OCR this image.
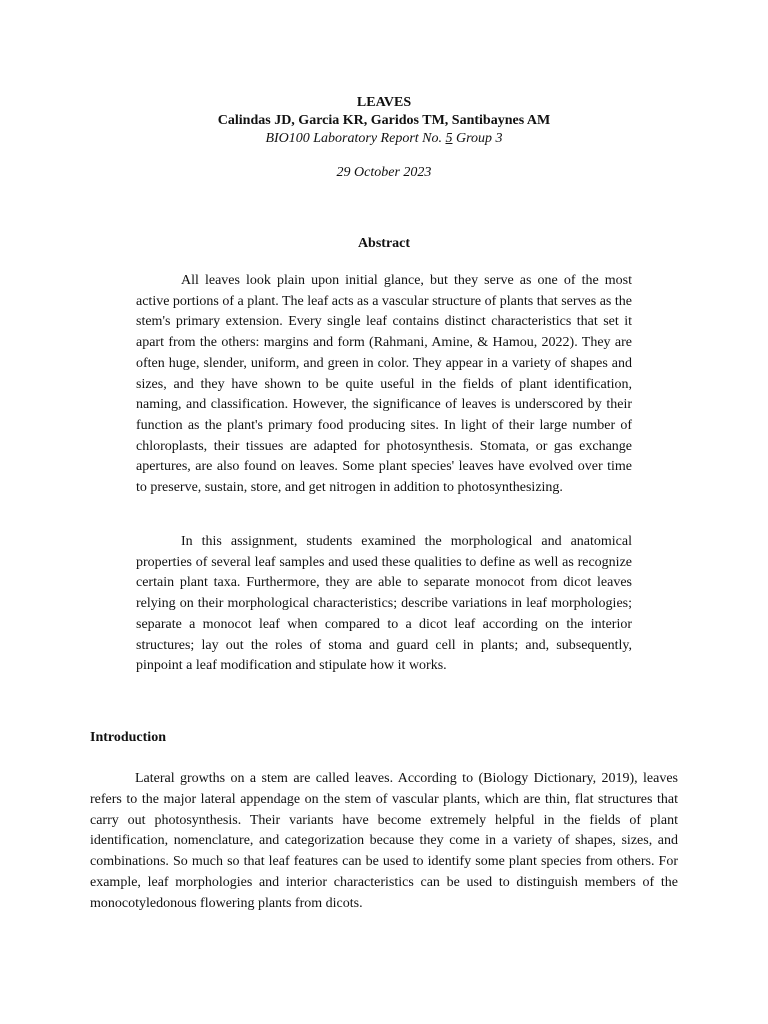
LEAVES
Calindas JD, Garcia KR, Garidos TM, Santibaynes AM
BIO100 Laboratory Report No. 5 Group 3
29 October 2023
Abstract

All leaves look plain upon initial glance, but they serve as one of the most active portions of a plant. The leaf acts as a vascular structure of plants that serves as the stem's primary extension. Every single leaf contains distinct characteristics that set it apart from the others: margins and form (Rahmani, Amine, & Hamou, 2022). They are often huge, slender, uniform, and green in color. They appear in a variety of shapes and sizes, and they have shown to be quite useful in the fields of plant identification, naming, and classification. However, the significance of leaves is underscored by their function as the plant's primary food producing sites. In light of their large number of chloroplasts, their tissues are adapted for photosynthesis. Stomata, or gas exchange apertures, are also found on leaves. Some plant species' leaves have evolved over time to preserve, sustain, store, and get nitrogen in addition to photosynthesizing.

In this assignment, students examined the morphological and anatomical properties of several leaf samples and used these qualities to define as well as recognize certain plant taxa. Furthermore, they are able to separate monocot from dicot leaves relying on their morphological characteristics; describe variations in leaf morphologies; separate a monocot leaf when compared to a dicot leaf according on the interior structures; lay out the roles of stoma and guard cell in plants; and, subsequently, pinpoint a leaf modification and stipulate how it works.

Introduction

Lateral growths on a stem are called leaves. According to (Biology Dictionary, 2019), leaves refers to the major lateral appendage on the stem of vascular plants, which are thin, flat structures that carry out photosynthesis. Their variants have become extremely helpful in the fields of plant identification, nomenclature, and categorization because they come in a variety of shapes, sizes, and combinations. So much so that leaf features can be used to identify some plant species from others. For example, leaf morphologies and interior characteristics can be used to distinguish members of the monocotyledonous flowering plants from dicots.
